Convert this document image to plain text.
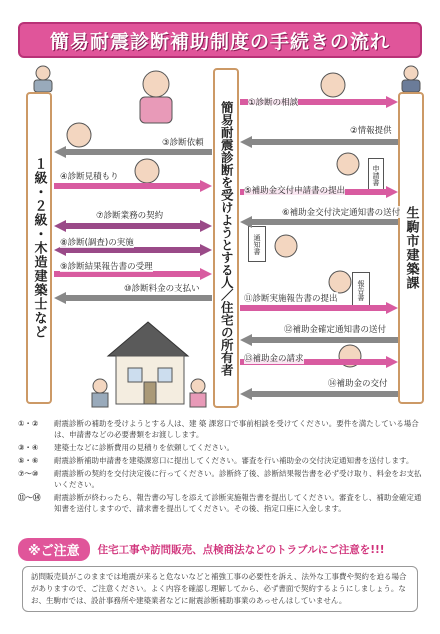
簡易耐震診断補助制度の手続きの流れ
１級・２級・木造建築士など	簡易耐震診断を受けようとする人／住宅の所有者	生駒市建築課
申請書
通知書
報告書
①診断の相談
②情報提供
③診断依頼
④診断見積もり
⑤補助金交付申請書の提出
⑥補助金交付決定通知書の送付
⑦診断業務の契約
⑧診断(調査)の実施
⑨診断結果報告書の受理
⑩診断料金の支払い
⑪診断実施報告書の提出
⑫補助金確定通知書の送付
⑬補助金の請求
⑭補助金の交付
①・②	耐震診断の補助を受けようとする人は、建 築 課窓口で事前相談を受けてください。要件を満たしている場合は、申請書などの必要書類をお渡しします。
③・④	建築士などに診断費用の見積りを依頼してください。
⑤・⑥	耐震診断補助申請書を建築課窓口に提出してください。審査を行い補助金の交付決定通知書を送付します。
⑦～⑩	耐震診断の契約を交付決定後に行ってください。診断終了後、診断結果報告書を必ず受け取り、料金をお支払いください。
⑪～⑭	耐震診断が終わったら、報告書の写しを添えて診断実施報告書を提出してください。審査をし、補助金確定通知書を送付しますので、請求書を提出してください。その後、指定口座に入金します。
※ご注意	住宅工事や訪問販売、点検商法などのトラブルにご注意を!!!
訪問販売員がこのままでは地震が来ると危ないなどと補強工事の必要性を訴え、法外な工事費や契約を迫る場合がありますので、ご注意ください。よく内容を確認し理解してから、必ず書面で契約するようにしましょう。なお、生駒市では、設計事務所や建築業者などに耐震診断補助事業のあっせんはしていません。
